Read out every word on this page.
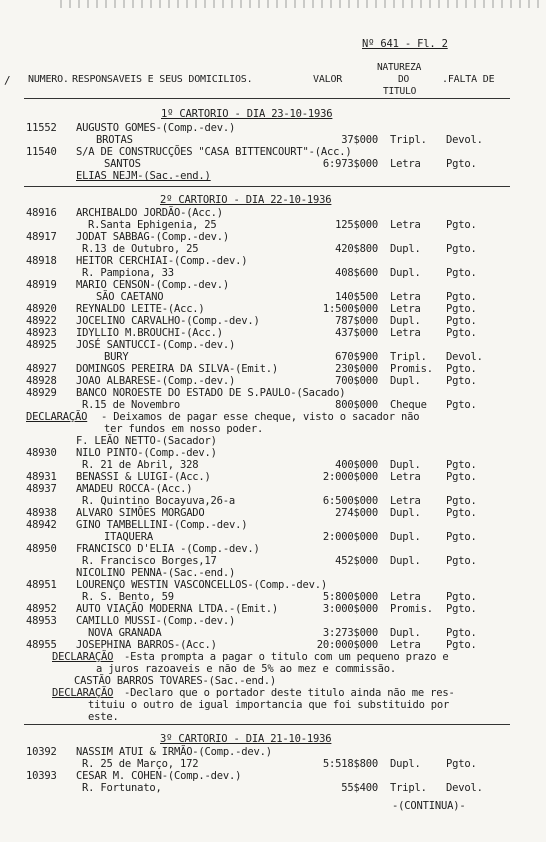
Nº 641 - Fl. 2
NATUREZA
/ NUMERO. RESPONSAVEIS E SEUS DOMICILIOS.	VALOR	DO	.FALTA DE
TITULO
1º CARTORIO - DIA 23-10-1936
11552 AUGUSTO GOMES-(Comp.-dev.)
BROTAS	37$000 Tripl. Devol.
11540 S/A DE CONSTRUCÇÕES "CASA BITTENCOURT"-(Acc.)
SANTOS	6:973$000 Letra Pgto.
ELIAS NEJM-(Sac.-end.)
2º CARTORIO - DIA 22-10-1936
48916 ARCHIBALDO JORDÃO-(Acc.)
R.Santa Ephigenia, 25	125$000 Letra Pgto.
48917 JODAT SABBAG-(Comp.-dev.)
R.13 de Outubro, 25	420$800 Dupl. Pgto.
48918 HEITOR CERCHIAI-(Comp.-dev.)
R. Pampiona, 33	408$600 Dupl. Pgto.
48919 MARIO CENSON-(Comp.-dev.)
SÃO CAETANO	140$500 Letra Pgto.
48920 REYNALDO LEITE-(Acc.)	1:500$000 Letra Pgto.
48922 JOCELINO CARVALHO-(Comp.-dev.)	787$000 Dupl. Pgto.
48923 IDYLLIO M.BROUCHI-(Acc.)	437$000 Letra Pgto.
48925 JOSÉ SANTUCCI-(Comp.-dev.)
BURY	670$900 Tripl. Devol.
48927 DOMINGOS PEREIRA DA SILVA-(Emit.)	230$000 Promis. Pgto.
48928 JOAO ALBARESE-(Comp.-dev.)	700$000 Dupl. Pgto.
48929 BANCO NOROESTE DO ESTADO DE S.PAULO-(Sacado)
R.15 de Novembro	800$000 Cheque Pgto.
DECLARAÇÃO - Deixamos de pagar esse cheque, visto o sacador não
ter fundos em nosso poder.
F. LEÃO NETTO-(Sacador)
48930 NILO PINTO-(Comp.-dev.)
R. 21 de Abril, 328	400$000 Dupl. Pgto.
48931 BENASSI & LUIGI-(Acc.)	2:000$000 Letra Pgto.
48937 AMADEU ROCCA-(Acc.)
R. Quintino Bocayuva,26-a	6:500$000 Letra Pgto.
48938 ALVARO SIMÕES MORGADO	274$000 Dupl. Pgto.
48942 GINO TAMBELLINI-(Comp.-dev.)
ITAQUERA	2:000$000 Dupl. Pgto.
48950 FRANCISCO D'ELIA -(Comp.-dev.)
R. Francisco Borges,17	452$000 Dupl. Pgto.
NICOLINO PENNA-(Sac.-end.)
48951 LOURENÇO WESTIN VASCONCELLOS-(Comp.-dev.)
R. S. Bento, 59	5:800$000 Letra Pgto.
48952 AUTO VIAÇÃO MODERNA LTDA.-(Emit.)	3:000$000 Promis. Pgto.
48953 CAMILLO MUSSI-(Comp.-dev.)
NOVA GRANADA	3:273$000 Dupl. Pgto.
48955 JOSEPHINA BARROS-(Acc.)	20:000$000 Letra Pgto.
DECLARAÇÃO -Esta prompta a pagar o titulo com um pequeno prazo e
a juros razoaveis e não de 5% ao mez e commissão.
CASTÃO BARROS TOVARES-(Sac.-end.)
DECLARAÇÃO -Declaro que o portador deste titulo ainda não me res-
tituiu o outro de igual importancia que foi substituido por
este.
3º CARTORIO - DIA 21-10-1936
10392 NASSIM ATUI & IRMÃO-(Comp.-dev.)
R. 25 de Março, 172	5:518$800 Dupl. Pgto.
10393 CESAR M. COHEN-(Comp.-dev.)
R. Fortunato,	55$400 Tripl. Devol.
-(CONTINUA)-
